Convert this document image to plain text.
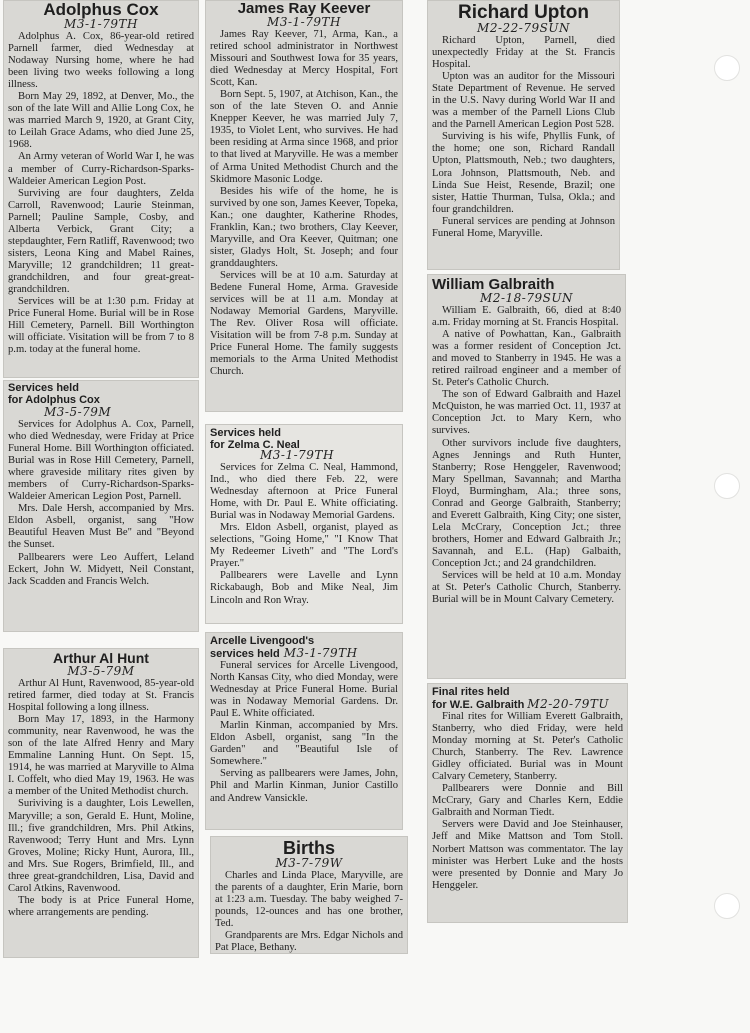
Adolphus Cox
M3-1-79TH

Adolphus A. Cox, 86-year-old retired Parnell farmer, died Wednesday at Nodaway Nursing home, where he had been living two weeks following a long illness.

Born May 29, 1892, at Denver, Mo., the son of the late Will and Allie Long Cox, he was married March 9, 1920, at Grant City, to Leilah Grace Adams, who died June 25, 1968.

An Army veteran of World War I, he was a member of Curry-Richardson-Sparks-Waldeier American Legion Post.

Surviving are four daughters, Zelda Carroll, Ravenwood; Laurie Steinman, Parnell; Pauline Sample, Cosby, and Alberta Verbick, Grant City; a stepdaughter, Fern Ratliff, Ravenwood; two sisters, Leona King and Mabel Raines, Maryville; 12 grandchildren; 11 great-grandchildren, and four great-great-grandchildren.

Services will be at 1:30 p.m. Friday at Price Funeral Home. Burial will be in Rose Hill Cemetery, Parnell. Bill Worthington will officiate. Visitation will be from 7 to 8 p.m. today at the funeral home.

Services held
for Adolphus Cox
M3-5-79M

Services for Adolphus A. Cox, Parnell, who died Wednesday, were Friday at Price Funeral Home. Bill Worthington officiated. Burial was in Rose Hill Cemetery, Parnell, where graveside military rites given by members of Curry-Richardson-Sparks-Waldeier American Legion Post, Parnell.

Mrs. Dale Hersh, accompanied by Mrs. Eldon Asbell, organist, sang "How Beautiful Heaven Must Be" and "Beyond the Sunset.

Pallbearers were Leo Auffert, Leland Eckert, John W. Midyett, Neil Constant, Jack Scadden and Francis Welch.

Arthur Al Hunt
M3-5-79M

Arthur Al Hunt, Ravenwood, 85-year-old retired farmer, died today at St. Francis Hospital following a long illness.

Born May 17, 1893, in the Harmony community, near Ravenwood, he was the son of the late Alfred Henry and Mary Emmaline Lanning Hunt. On Sept. 15, 1914, he was married at Maryville to Alma I. Coffelt, who died May 19, 1963. He was a member of the United Methodist church.

Suriviving is a daughter, Lois Lewellen, Maryville; a son, Gerald E. Hunt, Moline, Ill.; five grandchildren, Mrs. Phil Atkins, Ravenwood; Terry Hunt and Mrs. Lynn Groves, Moline; Ricky Hunt, Aurora, Ill., and Mrs. Sue Rogers, Brimfield, Ill., and three great-grandchildren, Lisa, David and Carol Atkins, Ravenwood.

The body is at Price Funeral Home, where arrangements are pending.

James Ray Keever
M3-1-79TH

James Ray Keever, 71, Arma, Kan., a retired school administrator in Northwest Missouri and Southwest Iowa for 35 years, died Wednesday at Mercy Hospital, Fort Scott, Kan.

Born Sept. 5, 1907, at Atchison, Kan., the son of the late Steven O. and Annie Knepper Keever, he was married July 7, 1935, to Violet Lent, who survives. He had been residing at Arma since 1968, and prior to that lived at Maryville. He was a member of Arma United Methodist Church and the Skidmore Masonic Lodge.

Besides his wife of the home, he is survived by one son, James Keever, Topeka, Kan.; one daughter, Katherine Rhodes, Franklin, Kan.; two brothers, Clay Keever, Maryville, and Ora Keever, Quitman; one sister, Gladys Holt, St. Joseph; and four granddaughters.

Services will be at 10 a.m. Saturday at Bedene Funeral Home, Arma. Graveside services will be at 11 a.m. Monday at Nodaway Memorial Gardens, Maryville. The Rev. Oliver Rosa will officiate. Visitation will be from 7-8 p.m. Sunday at Price Funeral Home. The family suggests memorials to the Arma United Methodist Church.

Services held
for Zelma C. Neal
M3-1-79TH

Services for Zelma C. Neal, Hammond, Ind., who died there Feb. 22, were Wednesday afternoon at Price Funeral Home, with Dr. Paul E. White officiating. Burial was in Nodaway Memorial Gardens.

Mrs. Eldon Asbell, organist, played as selections, "Going Home," "I Know That My Redeemer Liveth" and "The Lord's Prayer."

Pallbearers were Lavelle and Lynn Rickabaugh, Bob and Mike Neal, Jim Lincoln and Ron Wray.

Arcelle Livengood's
services held M3-1-79TH

Funeral services for Arcelle Livengood, North Kansas City, who died Monday, were Wednesday at Price Funeral Home. Burial was in Nodaway Memorial Gardens. Dr. Paul E. White officiated.

Marlin Kinman, accompanied by Mrs. Eldon Asbell, organist, sang "In the Garden" and "Beautiful Isle of Somewhere."

Serving as pallbearers were James, John, Phil and Marlin Kinman, Junior Castillo and Andrew Vansickle.

Births
M3-7-79W

Charles and Linda Place, Maryville, are the parents of a daughter, Erin Marie, born at 1:23 a.m. Tuesday. The baby weighed 7-pounds, 12-ounces and has one brother, Ted.

Grandparents are Mrs. Edgar Nichols and Pat Place, Bethany.

Richard Upton
M2-22-79SUN

Richard Upton, Parnell, died unexpectedly Friday at the St. Francis Hospital.

Upton was an auditor for the Missouri State Department of Revenue. He served in the U.S. Navy during World War II and was a member of the Parnell Lions Club and the Parnell American Legion Post 528.

Surviving is his wife, Phyllis Funk, of the home; one son, Richard Randall Upton, Plattsmouth, Neb.; two daughters, Lora Johnson, Plattsmouth, Neb. and Linda Sue Heist, Resende, Brazil; one sister, Hattie Thurman, Tulsa, Okla.; and four grandchildren.

Funeral services are pending at Johnson Funeral Home, Maryville.

William Galbraith
M2-18-79SUN

William E. Galbraith, 66, died at 8:40 a.m. Friday morning at St. Francis Hospital.

A native of Powhattan, Kan., Galbraith was a former resident of Conception Jct. and moved to Stanberry in 1945. He was a retired railroad engineer and a member of St. Peter's Catholic Church.

The son of Edward Galbraith and Hazel McQuiston, he was married Oct. 11, 1937 at Conception Jct. to Mary Kern, who survives.

Other survivors include five daughters, Agnes Jennings and Ruth Hunter, Stanberry; Rose Henggeler, Ravenwood; Mary Spellman, Savannah; and Martha Floyd, Burmingham, Ala.; three sons, Conrad and George Galbraith, Stanberry; and Everett Galbraith, King City; one sister, Lela McCrary, Conception Jct.; three brothers, Homer and Edward Galbraith Jr.; Savannah, and E.L. (Hap) Galbaith, Conception Jct.; and 24 grandchildren.

Services will be held at 10 a.m. Monday at St. Peter's Catholic Church, Stanberry. Burial will be in Mount Calvary Cemetery.

Final rites held
for W.E. Galbraith M2-20-79TU

Final rites for William Everett Galbraith, Stanberry, who died Friday, were held Monday morning at St. Peter's Catholic Church, Stanberry. The Rev. Lawrence Gidley officiated. Burial was in Mount Calvary Cemetery, Stanberry.

Pallbearers were Donnie and Bill McCrary, Gary and Charles Kern, Eddie Galbraith and Norman Tiedt.

Servers were David and Joe Steinhauser, Jeff and Mike Mattson and Tom Stoll. Norbert Mattson was commentator. The lay minister was Herbert Luke and the hosts were presented by Donnie and Mary Jo Henggeler.
